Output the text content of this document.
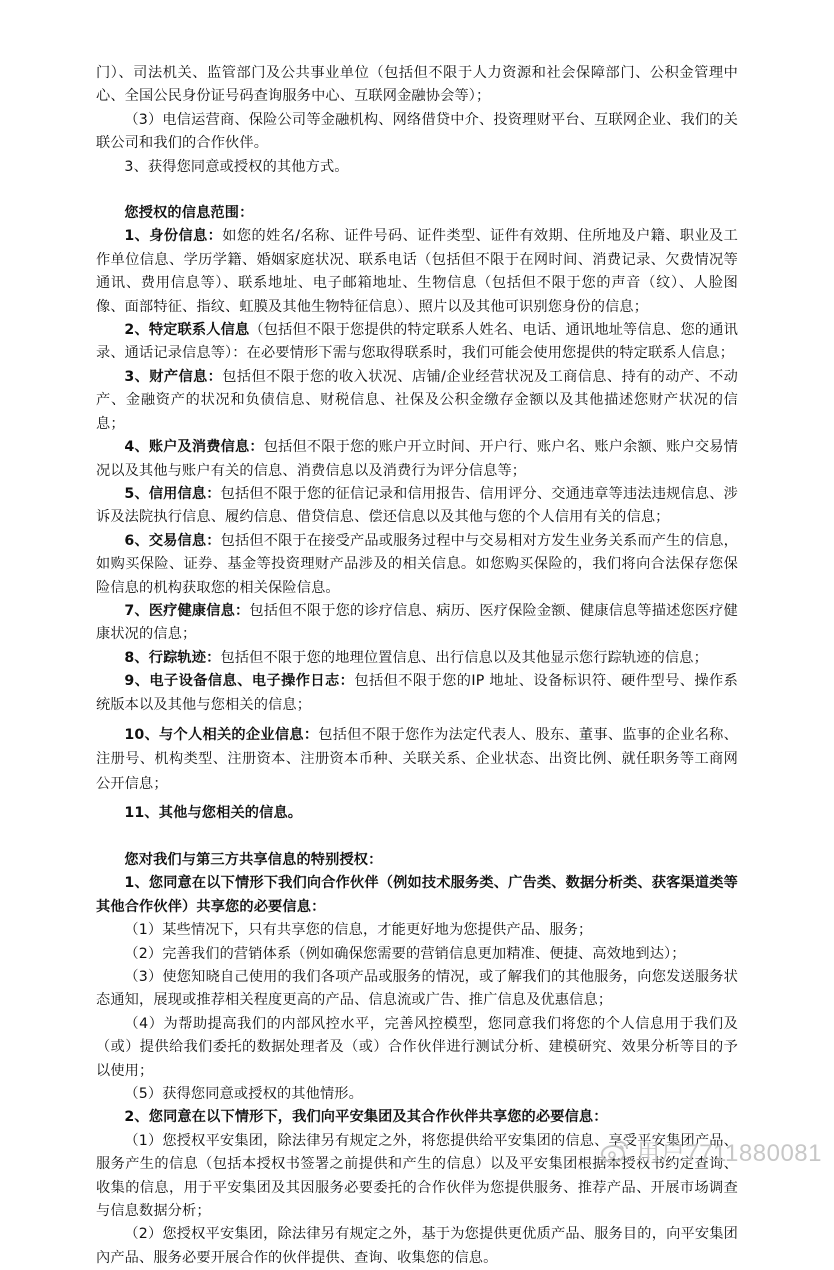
门）、司法机关、监管部门及公共事业单位（包括但不限于人力资源和社会保障部门、公积金管理中心、全国公民身份证号码查询服务中心、互联网金融协会等）；

（3）电信运营商、保险公司等金融机构、网络借贷中介、投资理财平台、互联网企业、我们的关联公司和我们的合作伙伴。

3、获得您同意或授权的其他方式。

您授权的信息范围：

1、身份信息：如您的姓名/名称、证件号码、证件类型、证件有效期、住所地及户籍、职业及工作单位信息、学历学籍、婚姻家庭状况、联系电话（包括但不限于在网时间、消费记录、欠费情况等通讯、费用信息等）、联系地址、电子邮箱地址、生物信息（包括但不限于您的声音（纹）、人脸图像、面部特征、指纹、虹膜及其他生物特征信息）、照片以及其他可识别您身份的信息；

2、特定联系人信息（包括但不限于您提供的特定联系人姓名、电话、通讯地址等信息、您的通讯录、通话记录信息等）：在必要情形下需与您取得联系时，我们可能会使用您提供的特定联系人信息；

3、财产信息：包括但不限于您的收入状况、店铺/企业经营状况及工商信息、持有的动产、不动产、金融资产的状况和负债信息、财税信息、社保及公积金缴存金额以及其他描述您财产状况的信息；

4、账户及消费信息：包括但不限于您的账户开立时间、开户行、账户名、账户余额、账户交易情况以及其他与账户有关的信息、消费信息以及消费行为评分信息等；

5、信用信息：包括但不限于您的征信记录和信用报告、信用评分、交通违章等违法违规信息、涉诉及法院执行信息、履约信息、借贷信息、偿还信息以及其他与您的个人信用有关的信息；

6、交易信息：包括但不限于在接受产品或服务过程中与交易相对方发生业务关系而产生的信息，如购买保险、证券、基金等投资理财产品涉及的相关信息。如您购买保险的，我们将向合法保存您保险信息的机构获取您的相关保险信息。

7、医疗健康信息：包括但不限于您的诊疗信息、病历、医疗保险金额、健康信息等描述您医疗健康状况的信息；

8、行踪轨迹：包括但不限于您的地理位置信息、出行信息以及其他显示您行踪轨迹的信息；

9、电子设备信息、电子操作日志：包括但不限于您的IP 地址、设备标识符、硬件型号、操作系统版本以及其他与您相关的信息；

10、与个人相关的企业信息：包括但不限于您作为法定代表人、股东、董事、监事的企业名称、注册号、机构类型、注册资本、注册资本币种、关联关系、企业状态、出资比例、就任职务等工商网公开信息；

11、其他与您相关的信息。

您对我们与第三方共享信息的特别授权：

1、您同意在以下情形下我们向合作伙伴（例如技术服务类、广告类、数据分析类、获客渠道类等其他合作伙伴）共享您的必要信息：

（1）某些情况下，只有共享您的信息，才能更好地为您提供产品、服务；

（2）完善我们的营销体系（例如确保您需要的营销信息更加精准、便捷、高效地到达）；

（3）使您知晓自己使用的我们各项产品或服务的情况，或了解我们的其他服务，向您发送服务状态通知，展现或推荐相关程度更高的产品、信息流或广告、推广信息及优惠信息；

（4）为帮助提高我们的内部风控水平，完善风控模型，您同意我们将您的个人信息用于我们及（或）提供给我们委托的数据处理者及（或）合作伙伴进行测试分析、建模研究、效果分析等目的予以使用；

（5）获得您同意或授权的其他情形。

2、您同意在以下情形下，我们向平安集团及其合作伙伴共享您的必要信息：

（1）您授权平安集团，除法律另有规定之外，将您提供给平安集团的信息、享受平安集团产品、服务产生的信息（包括本授权书签署之前提供和产生的信息）以及平安集团根据本授权书约定查询、收集的信息，用于平安集团及其因服务必要委托的合作伙伴为您提供服务、推荐产品、开展市场调查与信息数据分析；

（2）您授权平安集团，除法律另有规定之外，基于为您提供更优质产品、服务目的，向平安集团內产品、服务必要开展合作的伙伴提供、查询、收集您的信息。

用户7711880081
